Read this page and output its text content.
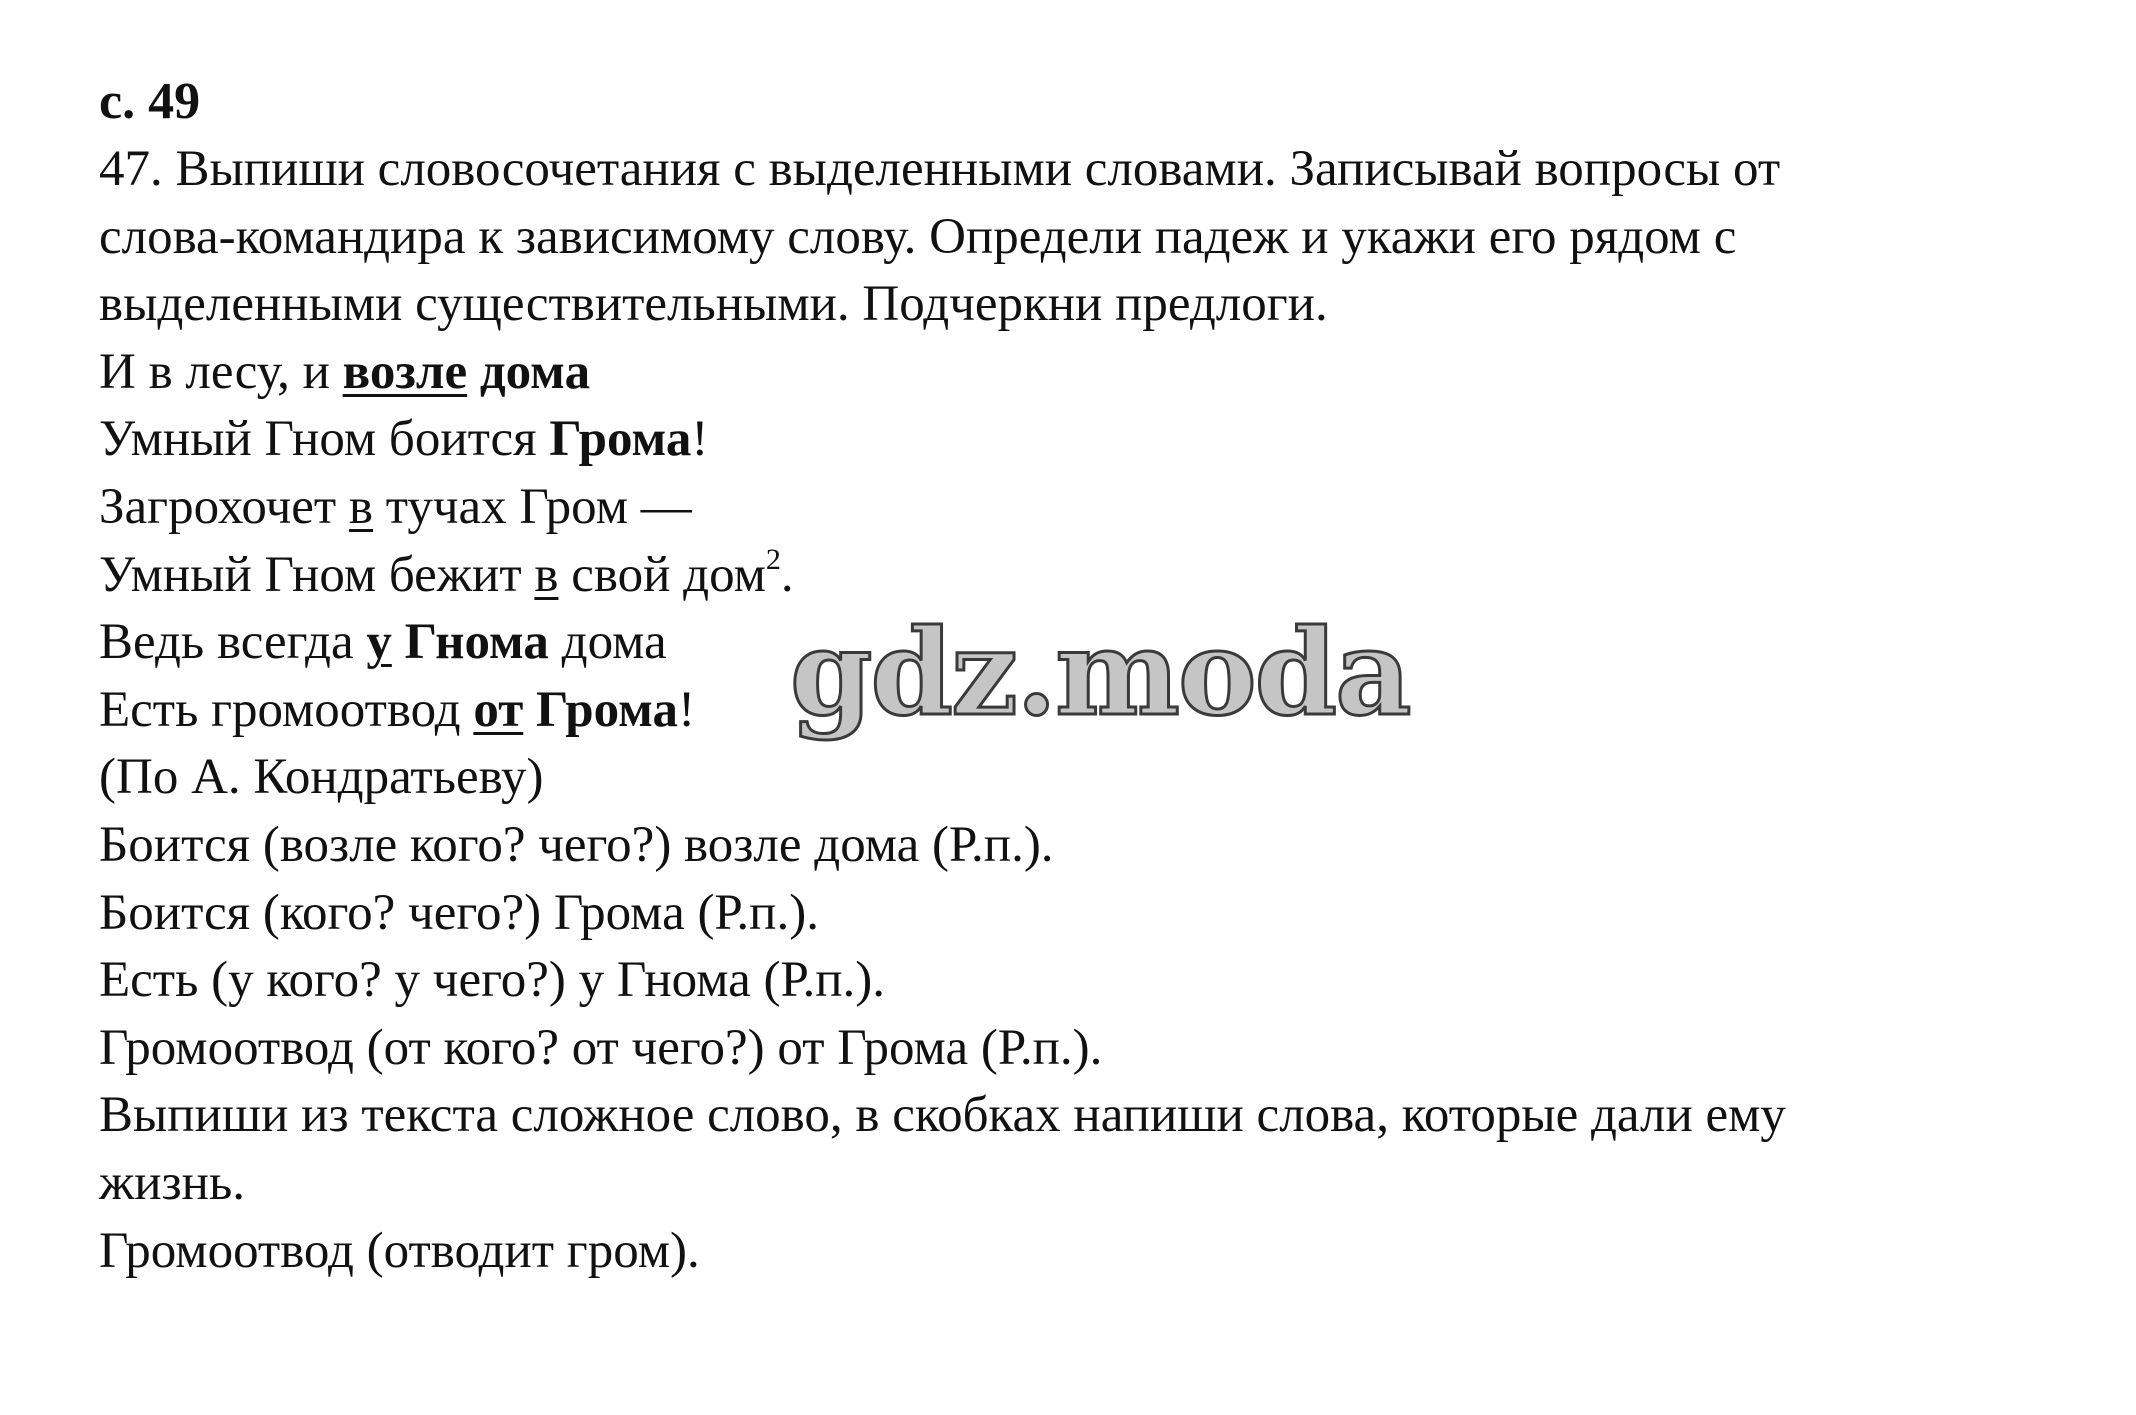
с. 49
47. Выпиши словосочетания с выделенными словами. Записывай вопросы от
слова-командира к зависимому слову. Определи падеж и укажи его рядом с
выделенными существительными. Подчеркни предлоги.
И в лесу, и возле дома
Умный Гном боится Грома!
Загрохочет в тучах Гром —
Умный Гном бежит в свой дом$^2$.
Ведь всегда у Гнома дома
Есть громоотвод от Грома!
(По А. Кондратьеву)
Боится (возле кого? чего?) возле дома (Р.п.).
Боится (кого? чего?) Грома (Р.п.).
Есть (у кого? у чего?) у Гнома (Р.п.).
Громоотвод (от кого? от чего?) от Грома (Р.п.).
Выпиши из текста сложное слово, в скобках напиши слова, которые дали ему
жизнь.
Громоотвод (отводит гром).
gdz.moda
